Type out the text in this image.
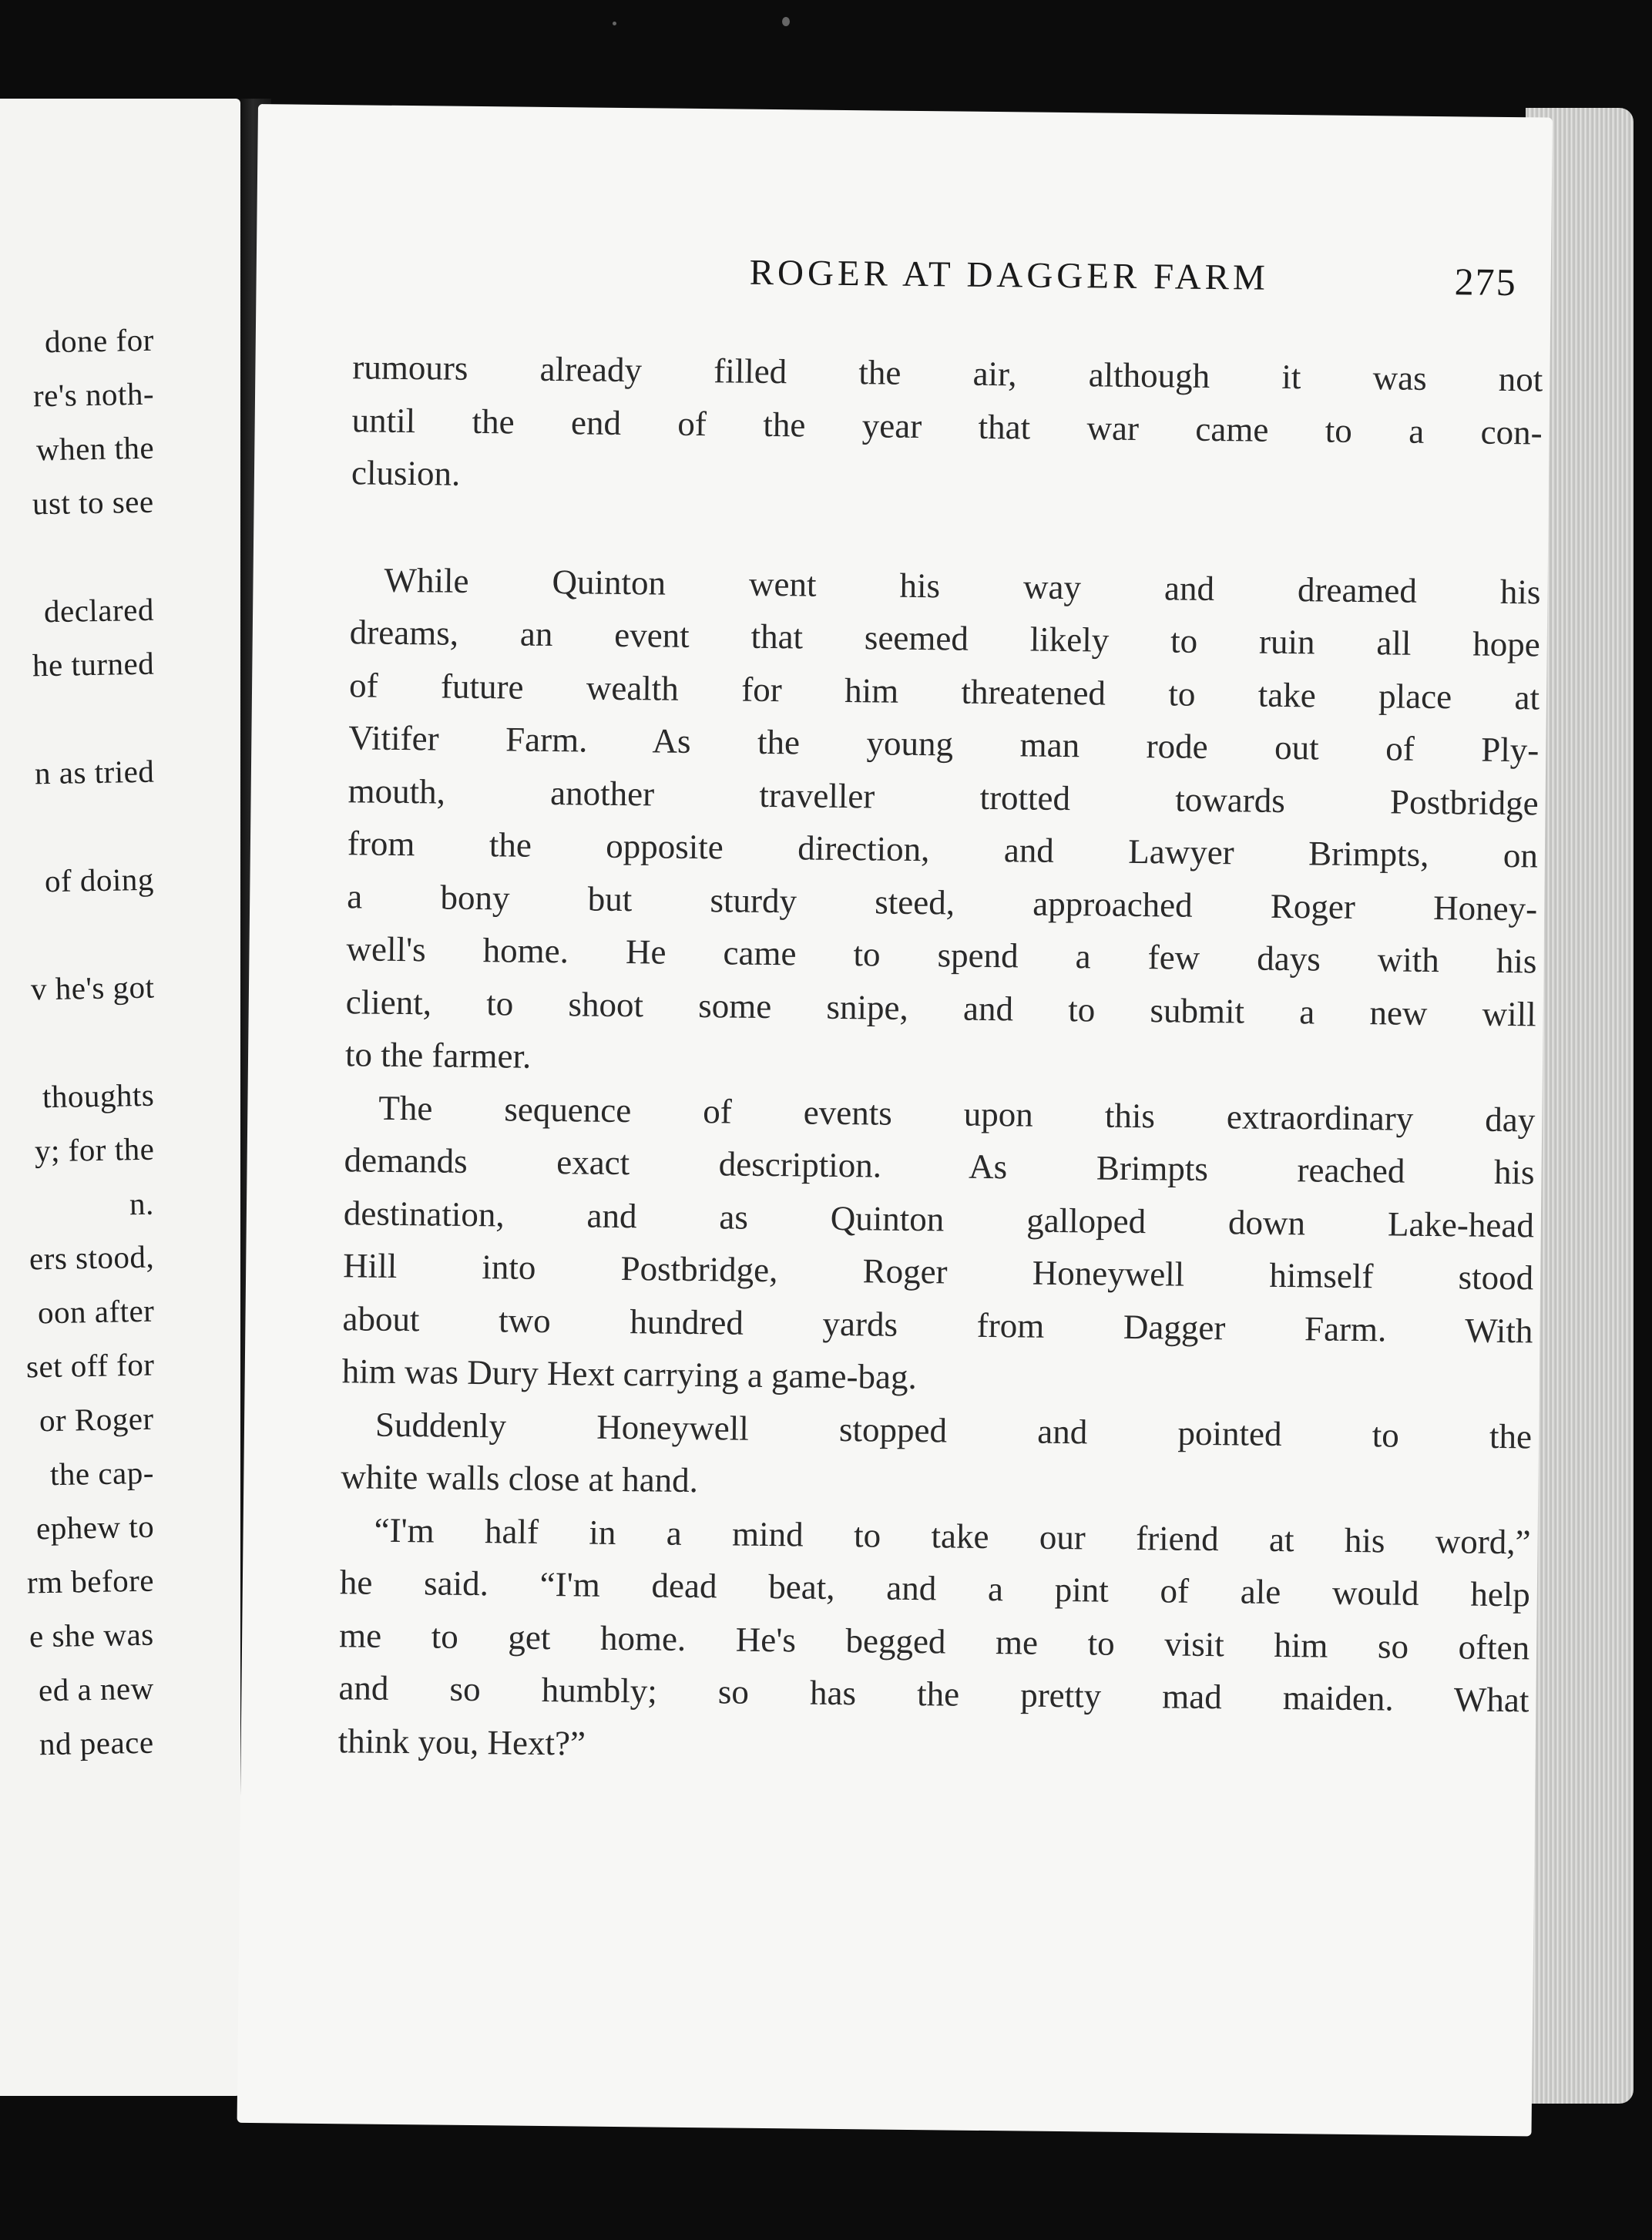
done for
re's noth-
when the
ust to see
declared
he turned
n as tried
of doing
v he's got
thoughts
y; for the
n.
ers stood,
oon after
set off for
or Roger
the cap-
ephew to
rm before
e she was
ed a new
nd peace
ROGER AT DAGGER FARM	275
rumours already filled the air, although it was not
until the end of the year that war came to a con-
clusion.
While Quinton went his way and dreamed his
dreams, an event that seemed likely to ruin all hope
of future wealth for him threatened to take place at
Vitifer Farm. As the young man rode out of Ply-
mouth, another traveller trotted towards Postbridge
from the opposite direction, and Lawyer Brimpts, on
a bony but sturdy steed, approached Roger Honey-
well's home. He came to spend a few days with his
client, to shoot some snipe, and to submit a new will
to the farmer.
The sequence of events upon this extraordinary day
demands exact description. As Brimpts reached his
destination, and as Quinton galloped down Lake-head
Hill into Postbridge, Roger Honeywell himself stood
about two hundred yards from Dagger Farm. With
him was Dury Hext carrying a game-bag.
Suddenly Honeywell stopped and pointed to the
white walls close at hand.
“I'm half in a mind to take our friend at his word,”
he said. “I'm dead beat, and a pint of ale would help
me to get home. He's begged me to visit him so often
and so humbly; so has the pretty mad maiden. What
think you, Hext?”
